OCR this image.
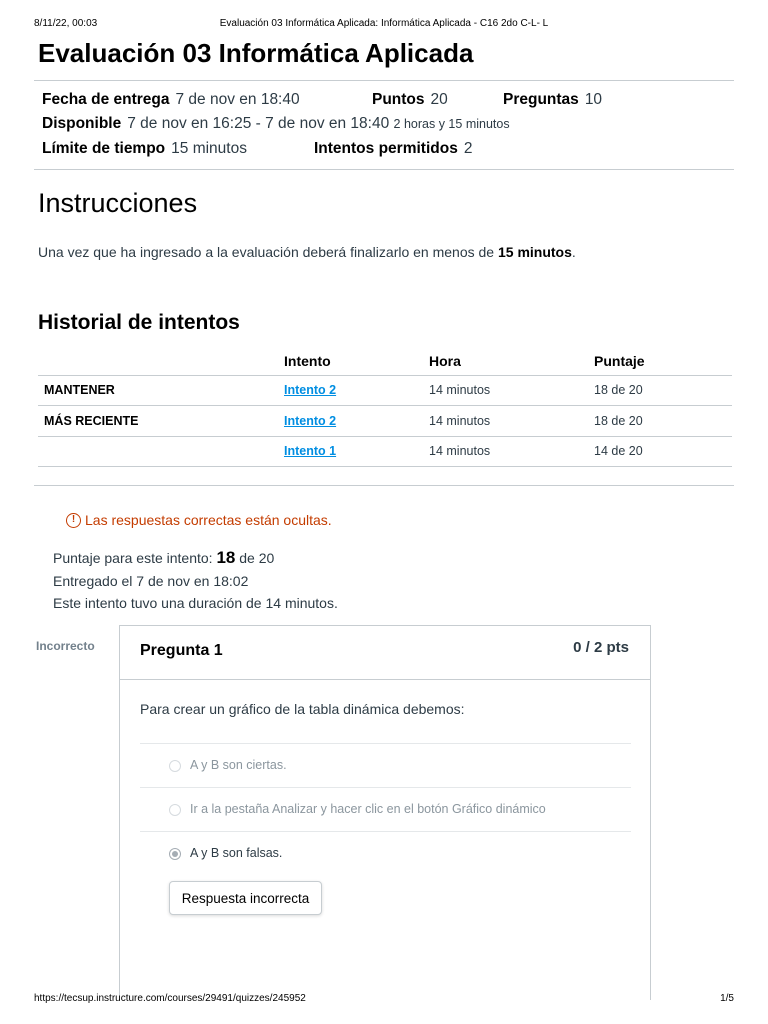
8/11/22, 00:03	Evaluación 03 Informática Aplicada: Informática Aplicada - C16 2do C-L- L
Evaluación 03 Informática Aplicada
Fecha de entrega 7 de nov en 18:40	Puntos 20	Preguntas 10
Disponible 7 de nov en 16:25 - 7 de nov en 18:40 2 horas y 15 minutos
Límite de tiempo 15 minutos	Intentos permitidos 2
Instrucciones

Una vez que ha ingresado a la evaluación deberá finalizarlo en menos de 15 minutos.

Historial de intentos
	Intento	Hora	Puntaje
MANTENER	Intento 2	14 minutos	18 de 20
MÁS RECIENTE	Intento 2	14 minutos	18 de 20
	Intento 1	14 minutos	14 de 20
! Las respuestas correctas están ocultas.
Puntaje para este intento: 18 de 20
Entregado el 7 de nov en 18:02
Este intento tuvo una duración de 14 minutos.
Incorrecto	Pregunta 1	0 / 2 pts

Para crear un gráfico de la tabla dinámica debemos:

A y B son ciertas.
Ir a la pestaña Analizar y hacer clic en el botón Gráfico dinámico
A y B son falsas.
Respuesta incorrecta
https://tecsup.instructure.com/courses/29491/quizzes/245952	1/5
